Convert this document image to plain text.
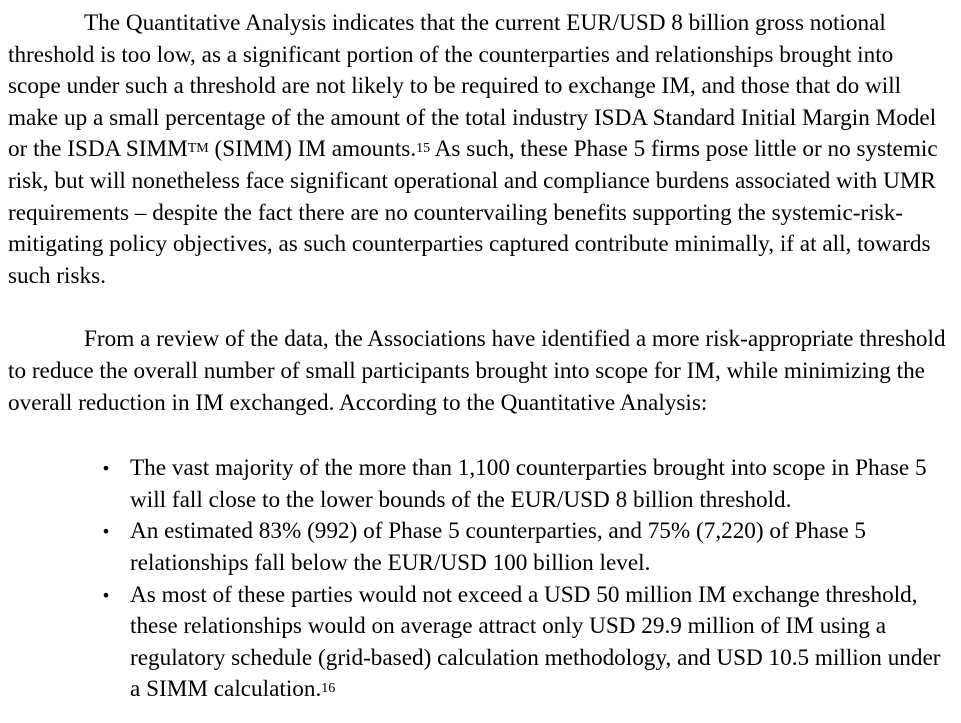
The Quantitative Analysis indicates that the current EUR/USD 8 billion gross notional threshold is too low, as a significant portion of the counterparties and relationships brought into scope under such a threshold are not likely to be required to exchange IM, and those that do will make up a small percentage of the amount of the total industry ISDA Standard Initial Margin Model or the ISDA SIMM™ (SIMM) IM amounts.$^{15}$ As such, these Phase 5 firms pose little or no systemic risk, but will nonetheless face significant operational and compliance burdens associated with UMR requirements – despite the fact there are no countervailing benefits supporting the systemic-risk-mitigating policy objectives, as such counterparties captured contribute minimally, if at all, towards such risks.

From a review of the data, the Associations have identified a more risk-appropriate threshold to reduce the overall number of small participants brought into scope for IM, while minimizing the overall reduction in IM exchanged. According to the Quantitative Analysis:

• The vast majority of the more than 1,100 counterparties brought into scope in Phase 5 will fall close to the lower bounds of the EUR/USD 8 billion threshold.
• An estimated 83% (992) of Phase 5 counterparties, and 75% (7,220) of Phase 5 relationships fall below the EUR/USD 100 billion level.
• As most of these parties would not exceed a USD 50 million IM exchange threshold, these relationships would on average attract only USD 29.9 million of IM using a regulatory schedule (grid-based) calculation methodology, and USD 10.5 million under a SIMM calculation.$^{16}$
